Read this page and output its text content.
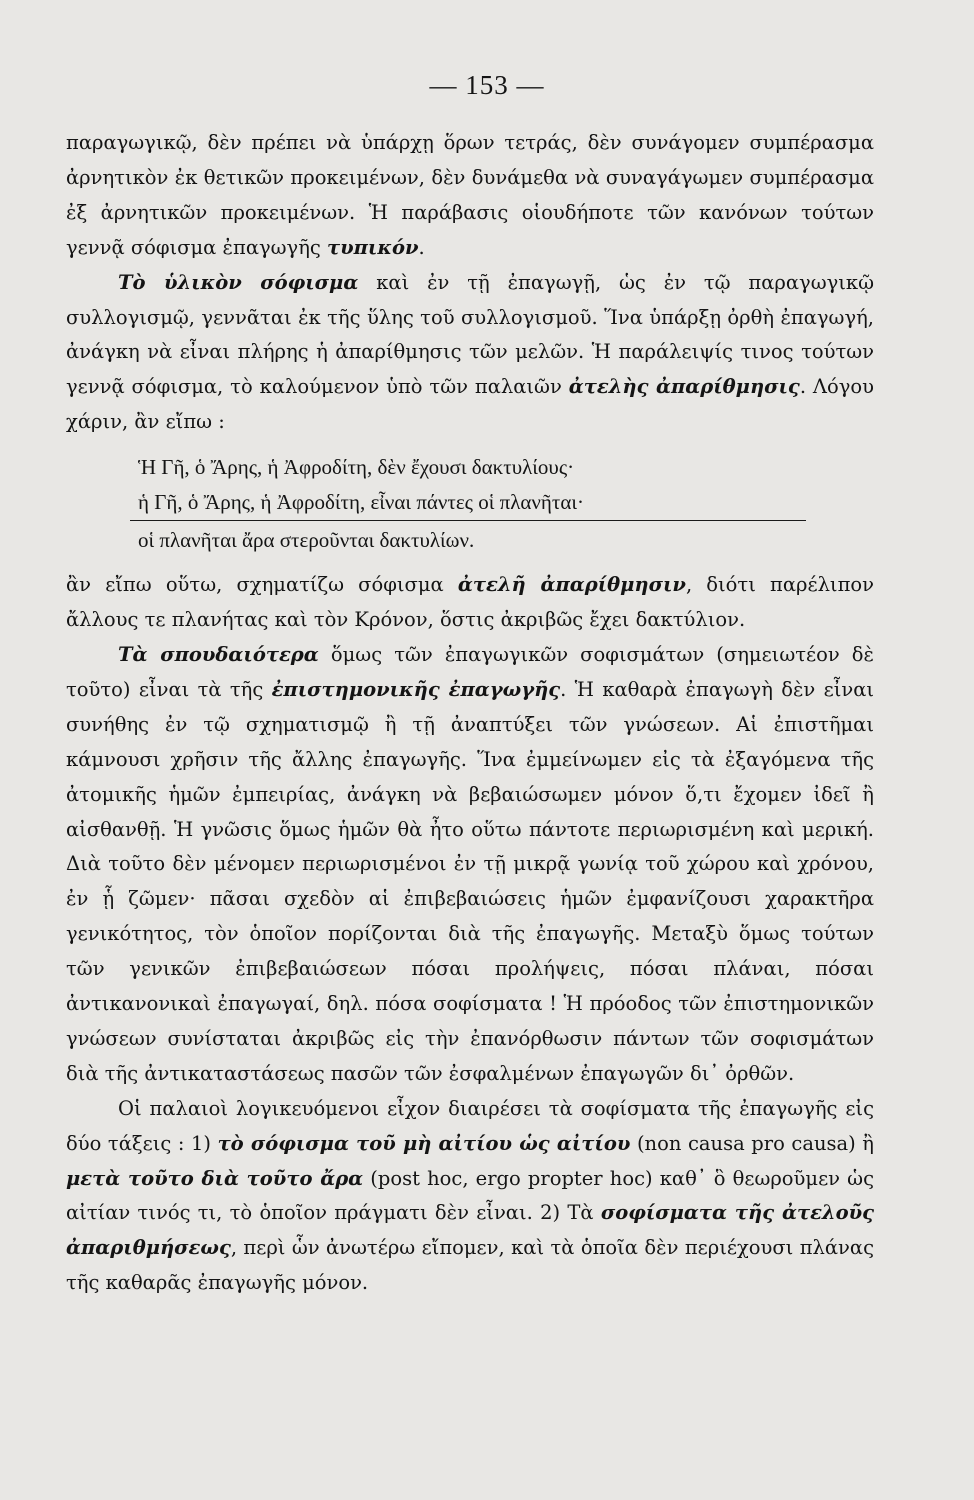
— 153 —

παραγωγικῷ, δὲν πρέπει νὰ ὑπάρχῃ ὅρων τετράς, δὲν συνάγομεν συμπέρασμα ἀρνητικὸν ἐκ θετικῶν προκειμένων, δὲν δυνάμεθα νὰ συναγάγωμεν συμπέρασμα ἐξ ἀρνητικῶν προκειμένων. Ἡ παράβασις οἱουδήποτε τῶν κανόνων τούτων γεννᾷ σόφισμα ἐπαγωγῆς τυπικόν.

Τὸ ὑλικὸν σόφισμα καὶ ἐν τῇ ἐπαγωγῇ, ὡς ἐν τῷ παραγωγικῷ συλλογισμῷ, γεννᾶται ἐκ τῆς ὕλης τοῦ συλλογισμοῦ. Ἵνα ὑπάρξῃ ὀρθὴ ἐπαγωγή, ἀνάγκη νὰ εἶναι πλήρης ἡ ἀπαρίθμησις τῶν μελῶν. Ἡ παράλειψίς τινος τούτων γεννᾷ σόφισμα, τὸ καλούμενον ὑπὸ τῶν παλαιῶν ἀτελὴς ἀπαρίθμησις. Λόγου χάριν, ἂν εἴπω :

Ἡ Γῆ, ὁ Ἄρης, ἡ Ἀφροδίτη, δὲν ἔχουσι δακτυλίους·
ἡ Γῆ, ὁ Ἄρης, ἡ Ἀφροδίτη, εἶναι πάντες οἱ πλανῆται·
οἱ πλανῆται ἄρα στεροῦνται δακτυλίων.

ἂν εἴπω οὕτω, σχηματίζω σόφισμα ἀτελῆ ἀπαρίθμησιν, διότι παρέλιπον ἄλλους τε πλανήτας καὶ τὸν Κρόνον, ὅστις ἀκριβῶς ἔχει δακτύλιον.

Τὰ σπουδαιότερα ὅμως τῶν ἐπαγωγικῶν σοφισμάτων (σημειωτέον δὲ τοῦτο) εἶναι τὰ τῆς ἐπιστημονικῆς ἐπαγωγῆς. Ἡ καθαρὰ ἐπαγωγὴ δὲν εἶναι συνήθης ἐν τῷ σχηματισμῷ ἢ τῇ ἀναπτύξει τῶν γνώσεων. Αἱ ἐπιστῆμαι κάμνουσι χρῆσιν τῆς ἄλλης ἐπαγωγῆς. Ἵνα ἐμμείνωμεν εἰς τὰ ἐξαγόμενα τῆς ἀτομικῆς ἡμῶν ἐμπειρίας, ἀνάγκη νὰ βεβαιώσωμεν μόνον ὅ,τι ἔχομεν ἰδεῖ ἢ αἰσθανθῇ. Ἡ γνῶσις ὅμως ἡμῶν θὰ ἦτο οὕτω πάντοτε περιωρισμένη καὶ μερική. Διὰ τοῦτο δὲν μένομεν περιωρισμένοι ἐν τῇ μικρᾷ γωνίᾳ τοῦ χώρου καὶ χρόνου, ἐν ᾗ ζῶμεν· πᾶσαι σχεδὸν αἱ ἐπιβεβαιώσεις ἡμῶν ἐμφανίζουσι χαρακτῆρα γενικότητος, τὸν ὁποῖον πορίζονται διὰ τῆς ἐπαγωγῆς. Μεταξὺ ὅμως τούτων τῶν γενικῶν ἐπιβεβαιώσεων πόσαι προλήψεις, πόσαι πλάναι, πόσαι ἀντικανονικαὶ ἐπαγωγαί, δηλ. πόσα σοφίσματα ! Ἡ πρόοδος τῶν ἐπιστημονικῶν γνώσεων συνίσταται ἀκριβῶς εἰς τὴν ἐπανόρθωσιν πάντων τῶν σοφισμάτων διὰ τῆς ἀντικαταστάσεως πασῶν τῶν ἐσφαλμένων ἐπαγωγῶν δι᾽ ὀρθῶν.

Οἱ παλαιοὶ λογικευόμενοι εἶχον διαιρέσει τὰ σοφίσματα τῆς ἐπαγωγῆς εἰς δύο τάξεις : 1) τὸ σόφισμα τοῦ μὴ αἰτίου ὡς αἰτίου (non causa pro causa) ἢ μετὰ τοῦτο διὰ τοῦτο ἄρα (post hoc, ergo propter hoc) καθ᾽ ὃ θεωροῦμεν ὡς αἰτίαν τινός τι, τὸ ὁποῖον πράγματι δὲν εἶναι. 2) Τὰ σοφίσματα τῆς ἀτελοῦς ἀπαριθμήσεως, περὶ ὧν ἀνωτέρω εἴπομεν, καὶ τὰ ὁποῖα δὲν περιέχουσι πλάνας τῆς καθαρᾶς ἐπαγωγῆς μόνον.
